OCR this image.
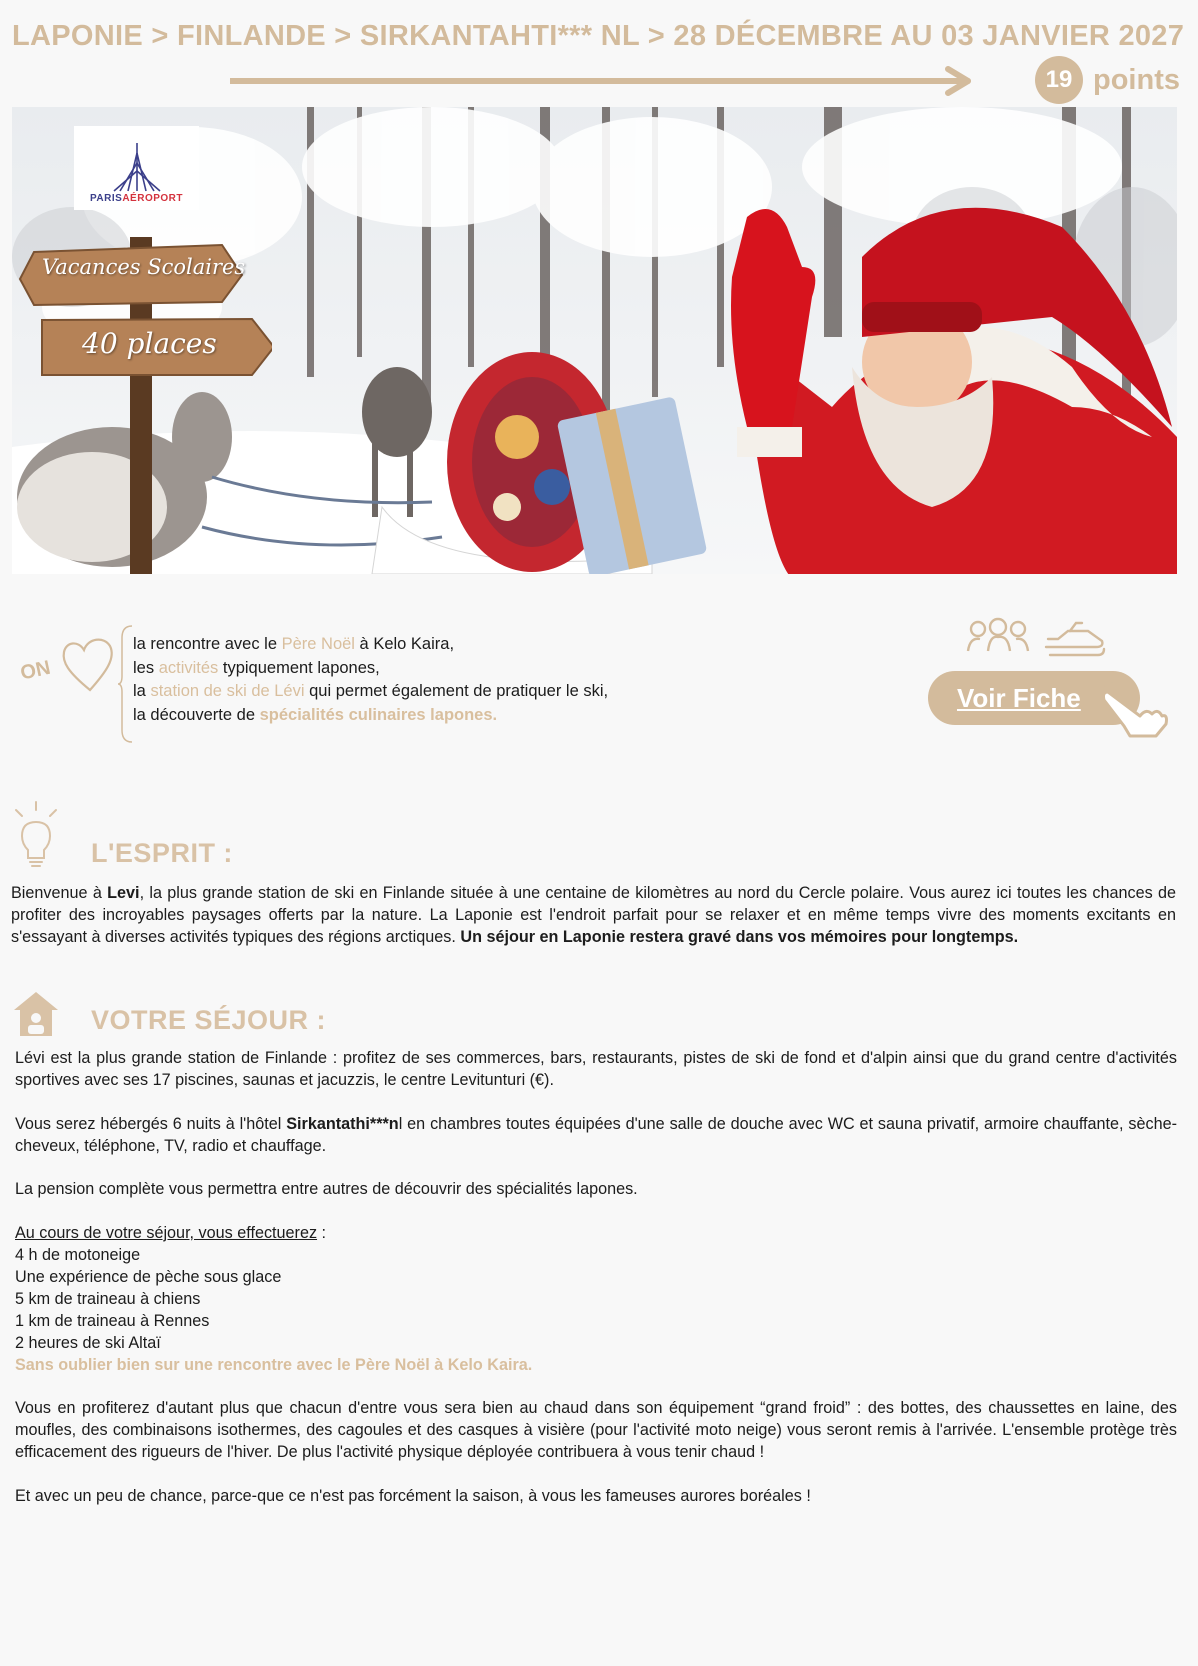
LAPONIE > FINLANDE > SIRKANTAHTI*** NL > 28 DÉCEMBRE AU 03 JANVIER 2027
19 points
PARISAÉROPORT
Vacances Scolaires
40 places
ON
la rencontre avec le Père Noël à Kelo Kaira,
les activités typiquement lapones,
la station de ski de Lévi qui permet également de pratiquer le ski,
la découverte de spécialités culinaires lapones.
Voir Fiche
L'ESPRIT :
Bienvenue à Levi, la plus grande station de ski en Finlande située à une centaine de kilomètres au nord du Cercle polaire. Vous aurez ici toutes les chances de profiter des incroyables paysages offerts par la nature. La Laponie est l'endroit parfait pour se relaxer et en même temps vivre des moments excitants en s'essayant à diverses activités typiques des régions arctiques. Un séjour en Laponie restera gravé dans vos mémoires pour longtemps.
VOTRE SÉJOUR :
Lévi est la plus grande station de Finlande : profitez de ses commerces, bars, restaurants, pistes de ski de fond et d'alpin ainsi que du grand centre d'activités sportives avec ses 17 piscines, saunas et jacuzzis, le centre Levitunturi (€).
Vous serez hébergés 6 nuits à l'hôtel Sirkantathi***nl en chambres toutes équipées d'une salle de douche avec WC et sauna privatif, armoire chauffante, sèche-cheveux, téléphone, TV, radio et chauffage.
La pension complète vous permettra entre autres de découvrir des spécialités lapones.
Au cours de votre séjour, vous effectuerez :
4 h de motoneige
Une expérience de pèche sous glace
5 km de traineau à chiens
1 km de traineau à Rennes
2 heures de ski Altaï
Sans oublier bien sur une rencontre avec le Père Noël à Kelo Kaira.
Vous en profiterez d'autant plus que chacun d'entre vous sera bien au chaud dans son équipement “grand froid” : des bottes, des chaussettes en laine, des moufles, des combinaisons isothermes, des cagoules et des casques à visière (pour l'activité moto neige) vous seront remis à l'arrivée. L'ensemble protège très efficacement des rigueurs de l'hiver. De plus l'activité physique déployée contribuera à vous tenir chaud !
Et avec un peu de chance, parce-que ce n'est pas forcément la saison, à vous les fameuses aurores boréales !
